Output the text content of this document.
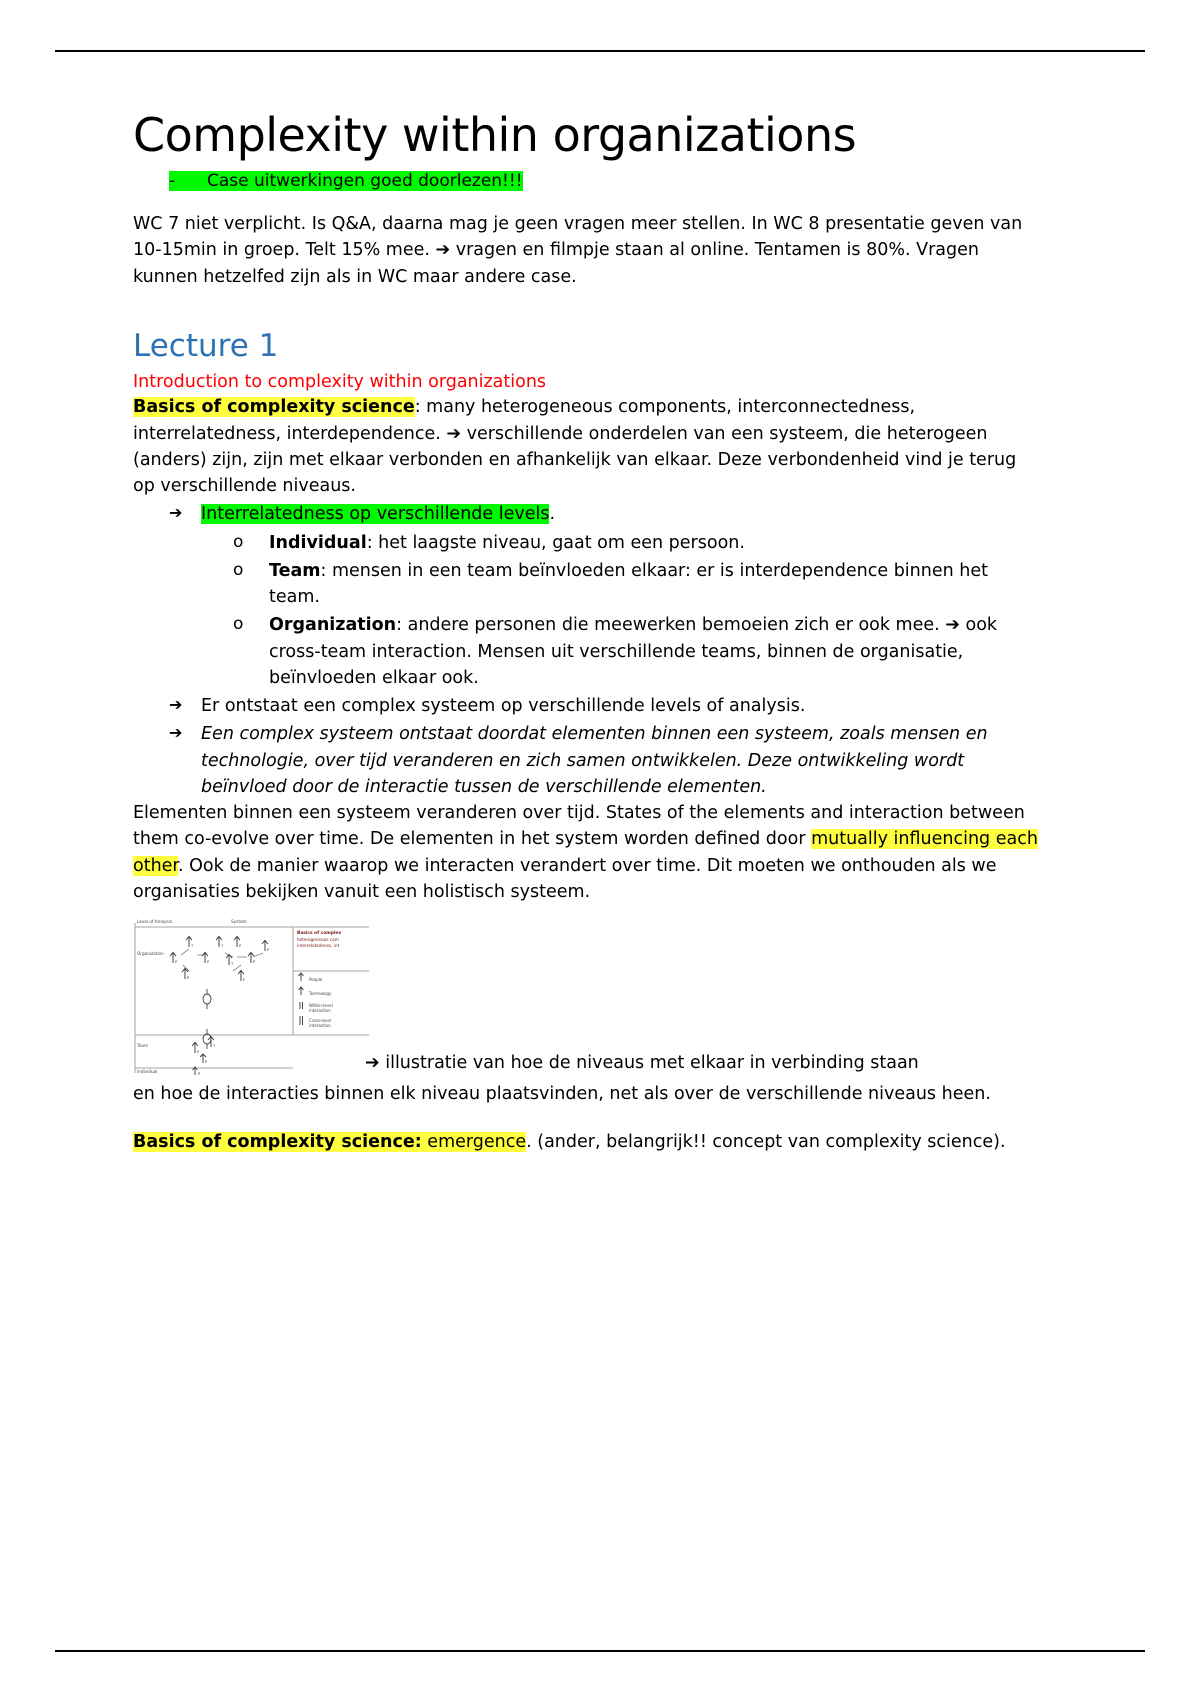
Complexity within organizations
- Case uitwerkingen goed doorlezen!!!

WC 7 niet verplicht. Is Q&A, daarna mag je geen vragen meer stellen. In WC 8 presentatie geven van 10-15min in groep. Telt 15% mee. ➔ vragen en filmpje staan al online. Tentamen is 80%. Vragen kunnen hetzelfed zijn als in WC maar andere case.

Lecture 1
Introduction to complexity within organizations

Basics of complexity science: many heterogeneous components, interconnectedness, interrelatedness, interdependence. ➔ verschillende onderdelen van een systeem, die heterogeen (anders) zijn, zijn met elkaar verbonden en afhankelijk van elkaar. Deze verbondenheid vind je terug op verschillende niveaus.

➔ Interrelatedness op verschillende levels.
o Individual: het laagste niveau, gaat om een persoon.
o Team: mensen in een team beïnvloeden elkaar: er is interdependence binnen het team.
o Organization: andere personen die meewerken bemoeien zich er ook mee. ➔ ook cross-team interaction. Mensen uit verschillende teams, binnen de organisatie, beïnvloeden elkaar ook.
➔ Er ontstaat een complex systeem op verschillende levels of analysis.
➔ Een complex systeem ontstaat doordat elementen binnen een systeem, zoals mensen en technologie, over tijd veranderen en zich samen ontwikkelen. Deze ontwikkeling wordt beïnvloed door de interactie tussen de verschillende elementen.

Elementen binnen een systeem veranderen over tijd. States of the elements and interaction between them co-evolve over time. De elementen in het system worden defined door mutually influencing each other. Ook de manier waarop we interacten verandert over time. Dit moeten we onthouden als we organisaties bekijken vanuit een holistisch systeem.

Level of Analysis	System
Organization
Team
Individual
Basics of complex
heterogeneous com
interrelatedness, int
People
Technology
Within-level
interaction
Cross-level
interaction
T
P	P
P
T	P
T	P
P
P
P
T
P
P
➔ illustratie van hoe de niveaus met elkaar in verbinding staan

en hoe de interacties binnen elk niveau plaatsvinden, net als over de verschillende niveaus heen.

Basics of complexity science: emergence. (ander, belangrijk!! concept van complexity science).
